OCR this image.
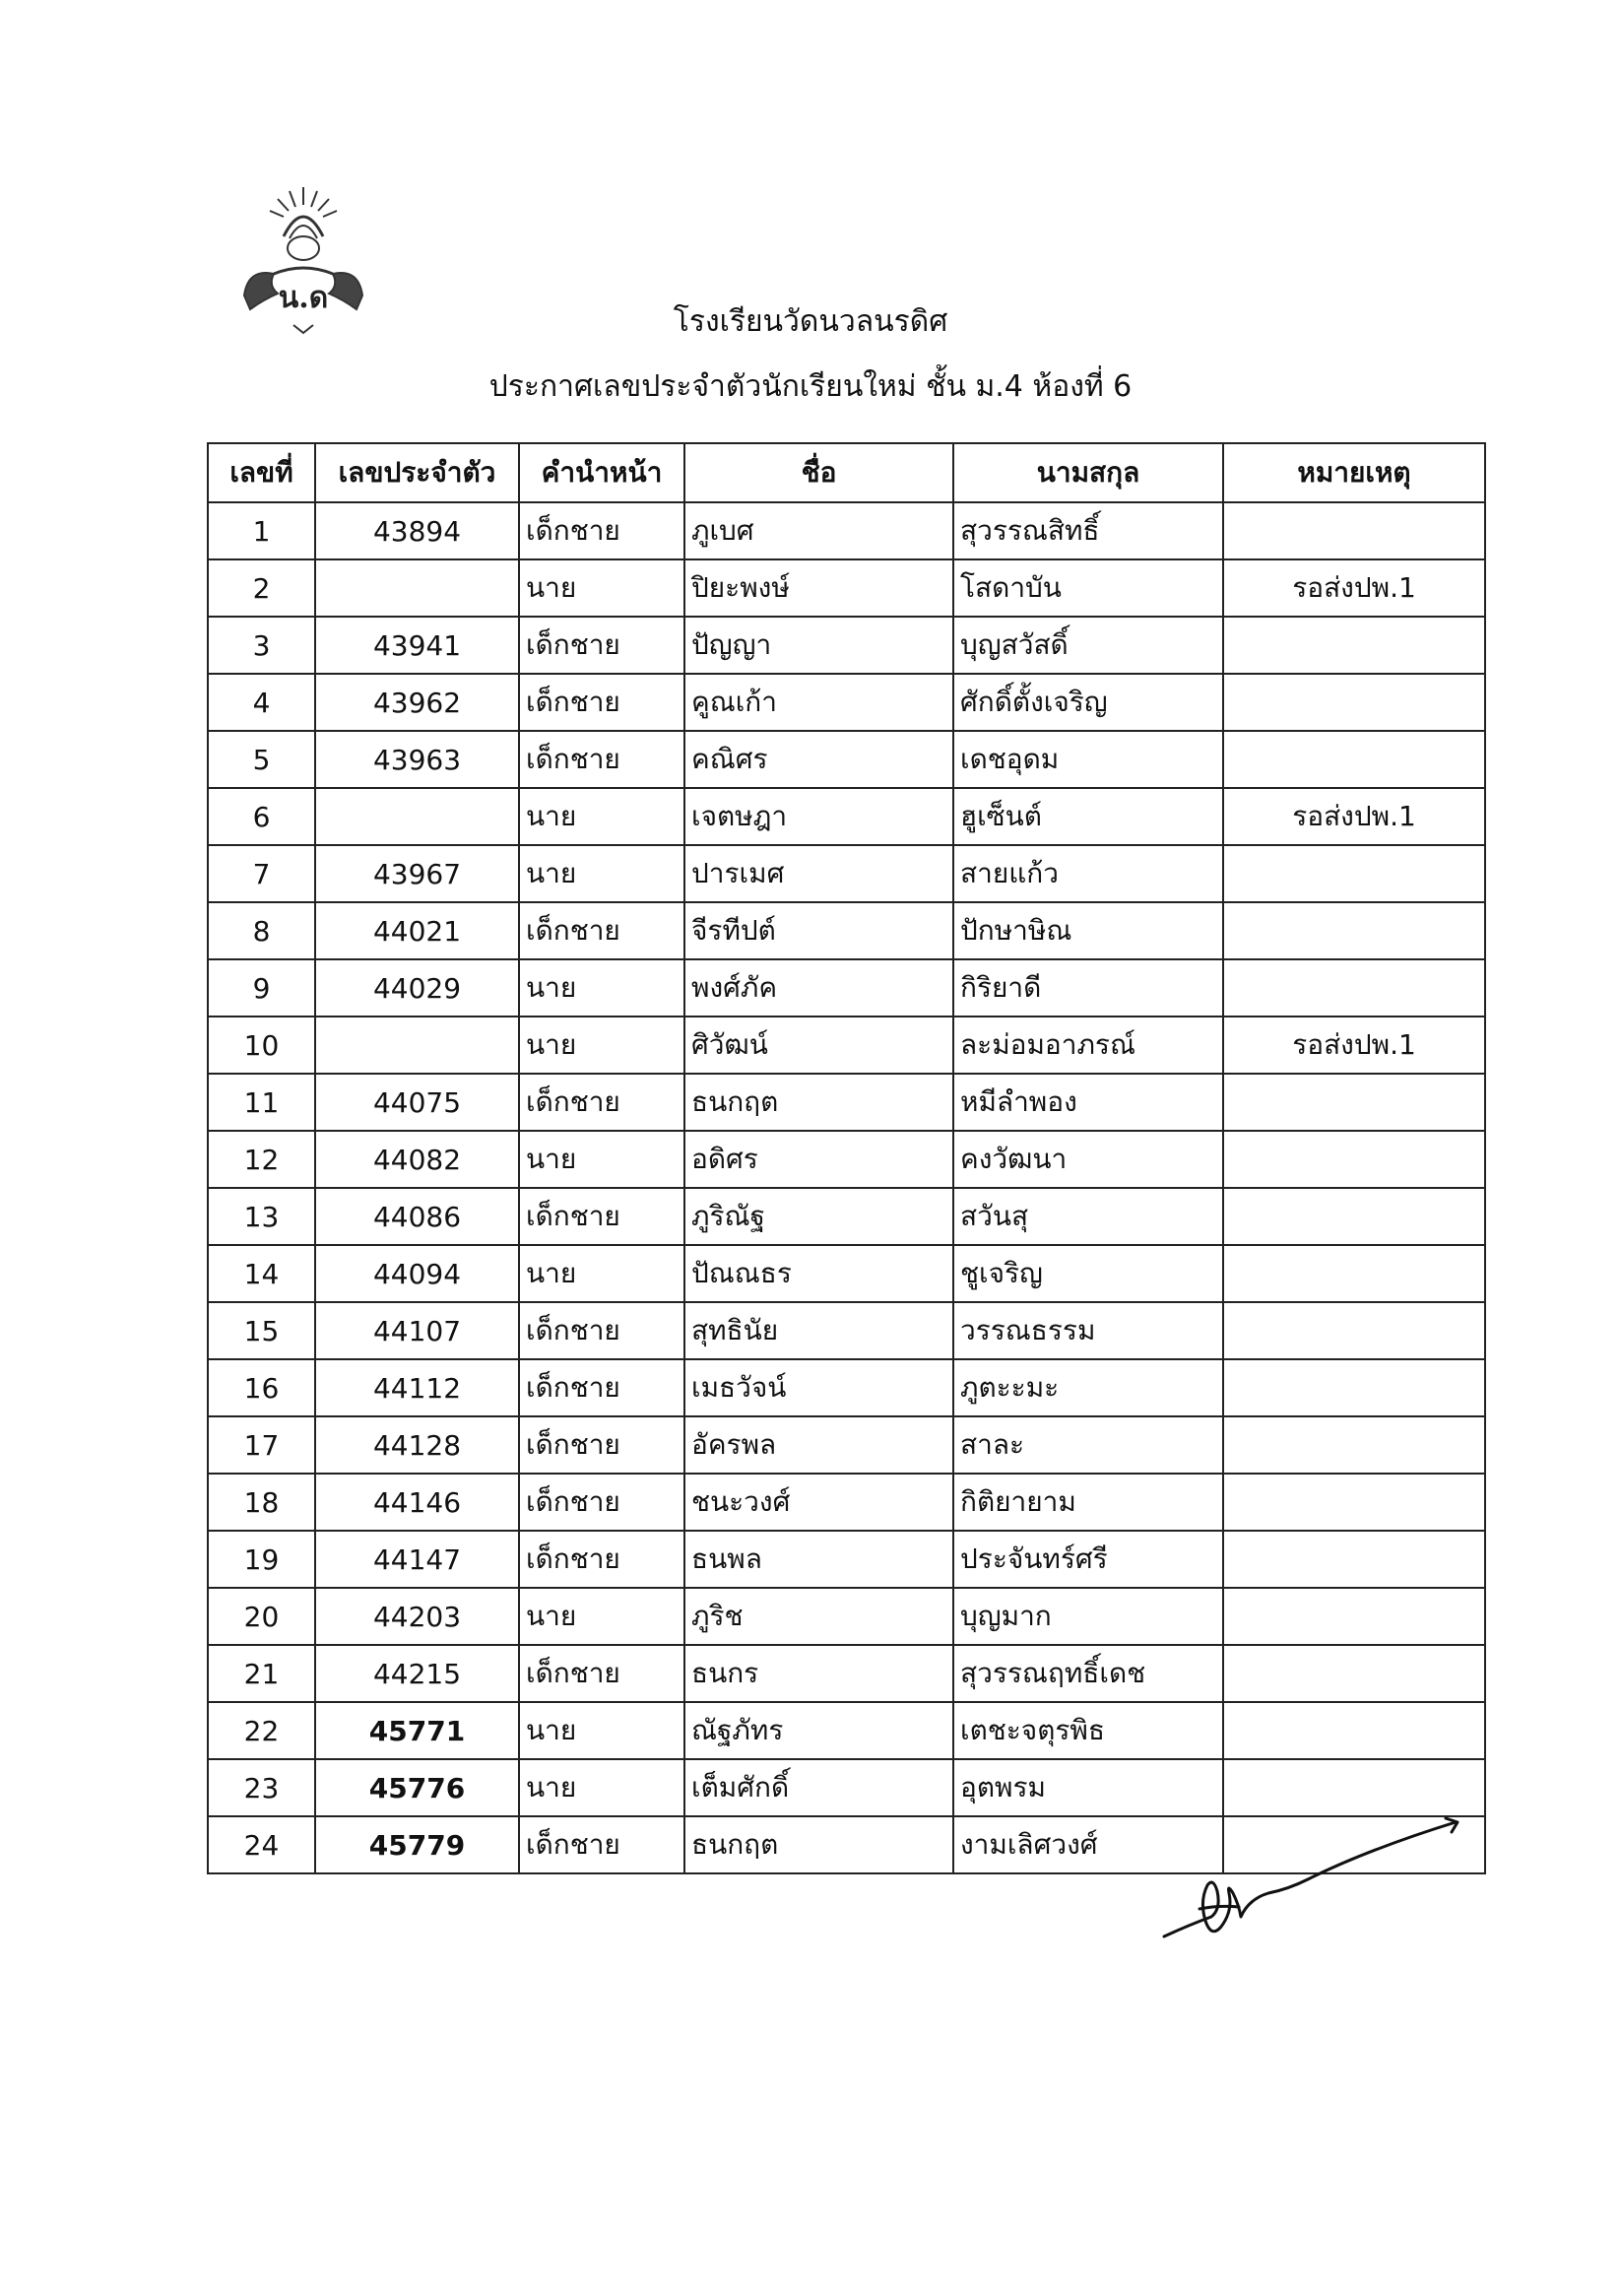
น.ด
โรงเรียนวัดนวลนรดิศ
ประกาศเลขประจำตัวนักเรียนใหม่ ชั้น ม.4 ห้องที่ 6
เลขที่	เลขประจำตัว	คำนำหน้า	ชื่อ	นามสกุล	หมายเหตุ
1	43894	เด็กชาย	ภูเบศ	สุวรรณสิทธิ์	
2		นาย	ปิยะพงษ์	โสดาบัน	รอส่งปพ.1
3	43941	เด็กชาย	ปัญญา	บุญสวัสดิ์	
4	43962	เด็กชาย	คูณเก้า	ศักดิ์ตั้งเจริญ	
5	43963	เด็กชาย	คณิศร	เดชอุดม	
6		นาย	เจตษฎา	ฮูเซ็นต์	รอส่งปพ.1
7	43967	นาย	ปารเมศ	สายแก้ว	
8	44021	เด็กชาย	จีรทีปต์	ปักษาษิณ	
9	44029	นาย	พงศ์ภัค	กิริยาดี	
10		นาย	ศิวัฒน์	ละม่อมอาภรณ์	รอส่งปพ.1
11	44075	เด็กชาย	ธนกฤต	หมีลำพอง	
12	44082	นาย	อดิศร	คงวัฒนา	
13	44086	เด็กชาย	ภูริณัฐ	สวันสุ	
14	44094	นาย	ปัณณธร	ชูเจริญ	
15	44107	เด็กชาย	สุทธินัย	วรรณธรรม	
16	44112	เด็กชาย	เมธวัจน์	ภูตะะมะ	
17	44128	เด็กชาย	อัครพล	สาละ	
18	44146	เด็กชาย	ชนะวงศ์	กิติยายาม	
19	44147	เด็กชาย	ธนพล	ประจันทร์ศรี	
20	44203	นาย	ภูริช	บุญมาก	
21	44215	เด็กชาย	ธนกร	สุวรรณฤทธิ์เดช	
22	45771	นาย	ณัฐภัทร	เตชะจตุรพิธ	
23	45776	นาย	เต็มศักดิ์	อุตพรม	
24	45779	เด็กชาย	ธนกฤต	งามเลิศวงศ์	
